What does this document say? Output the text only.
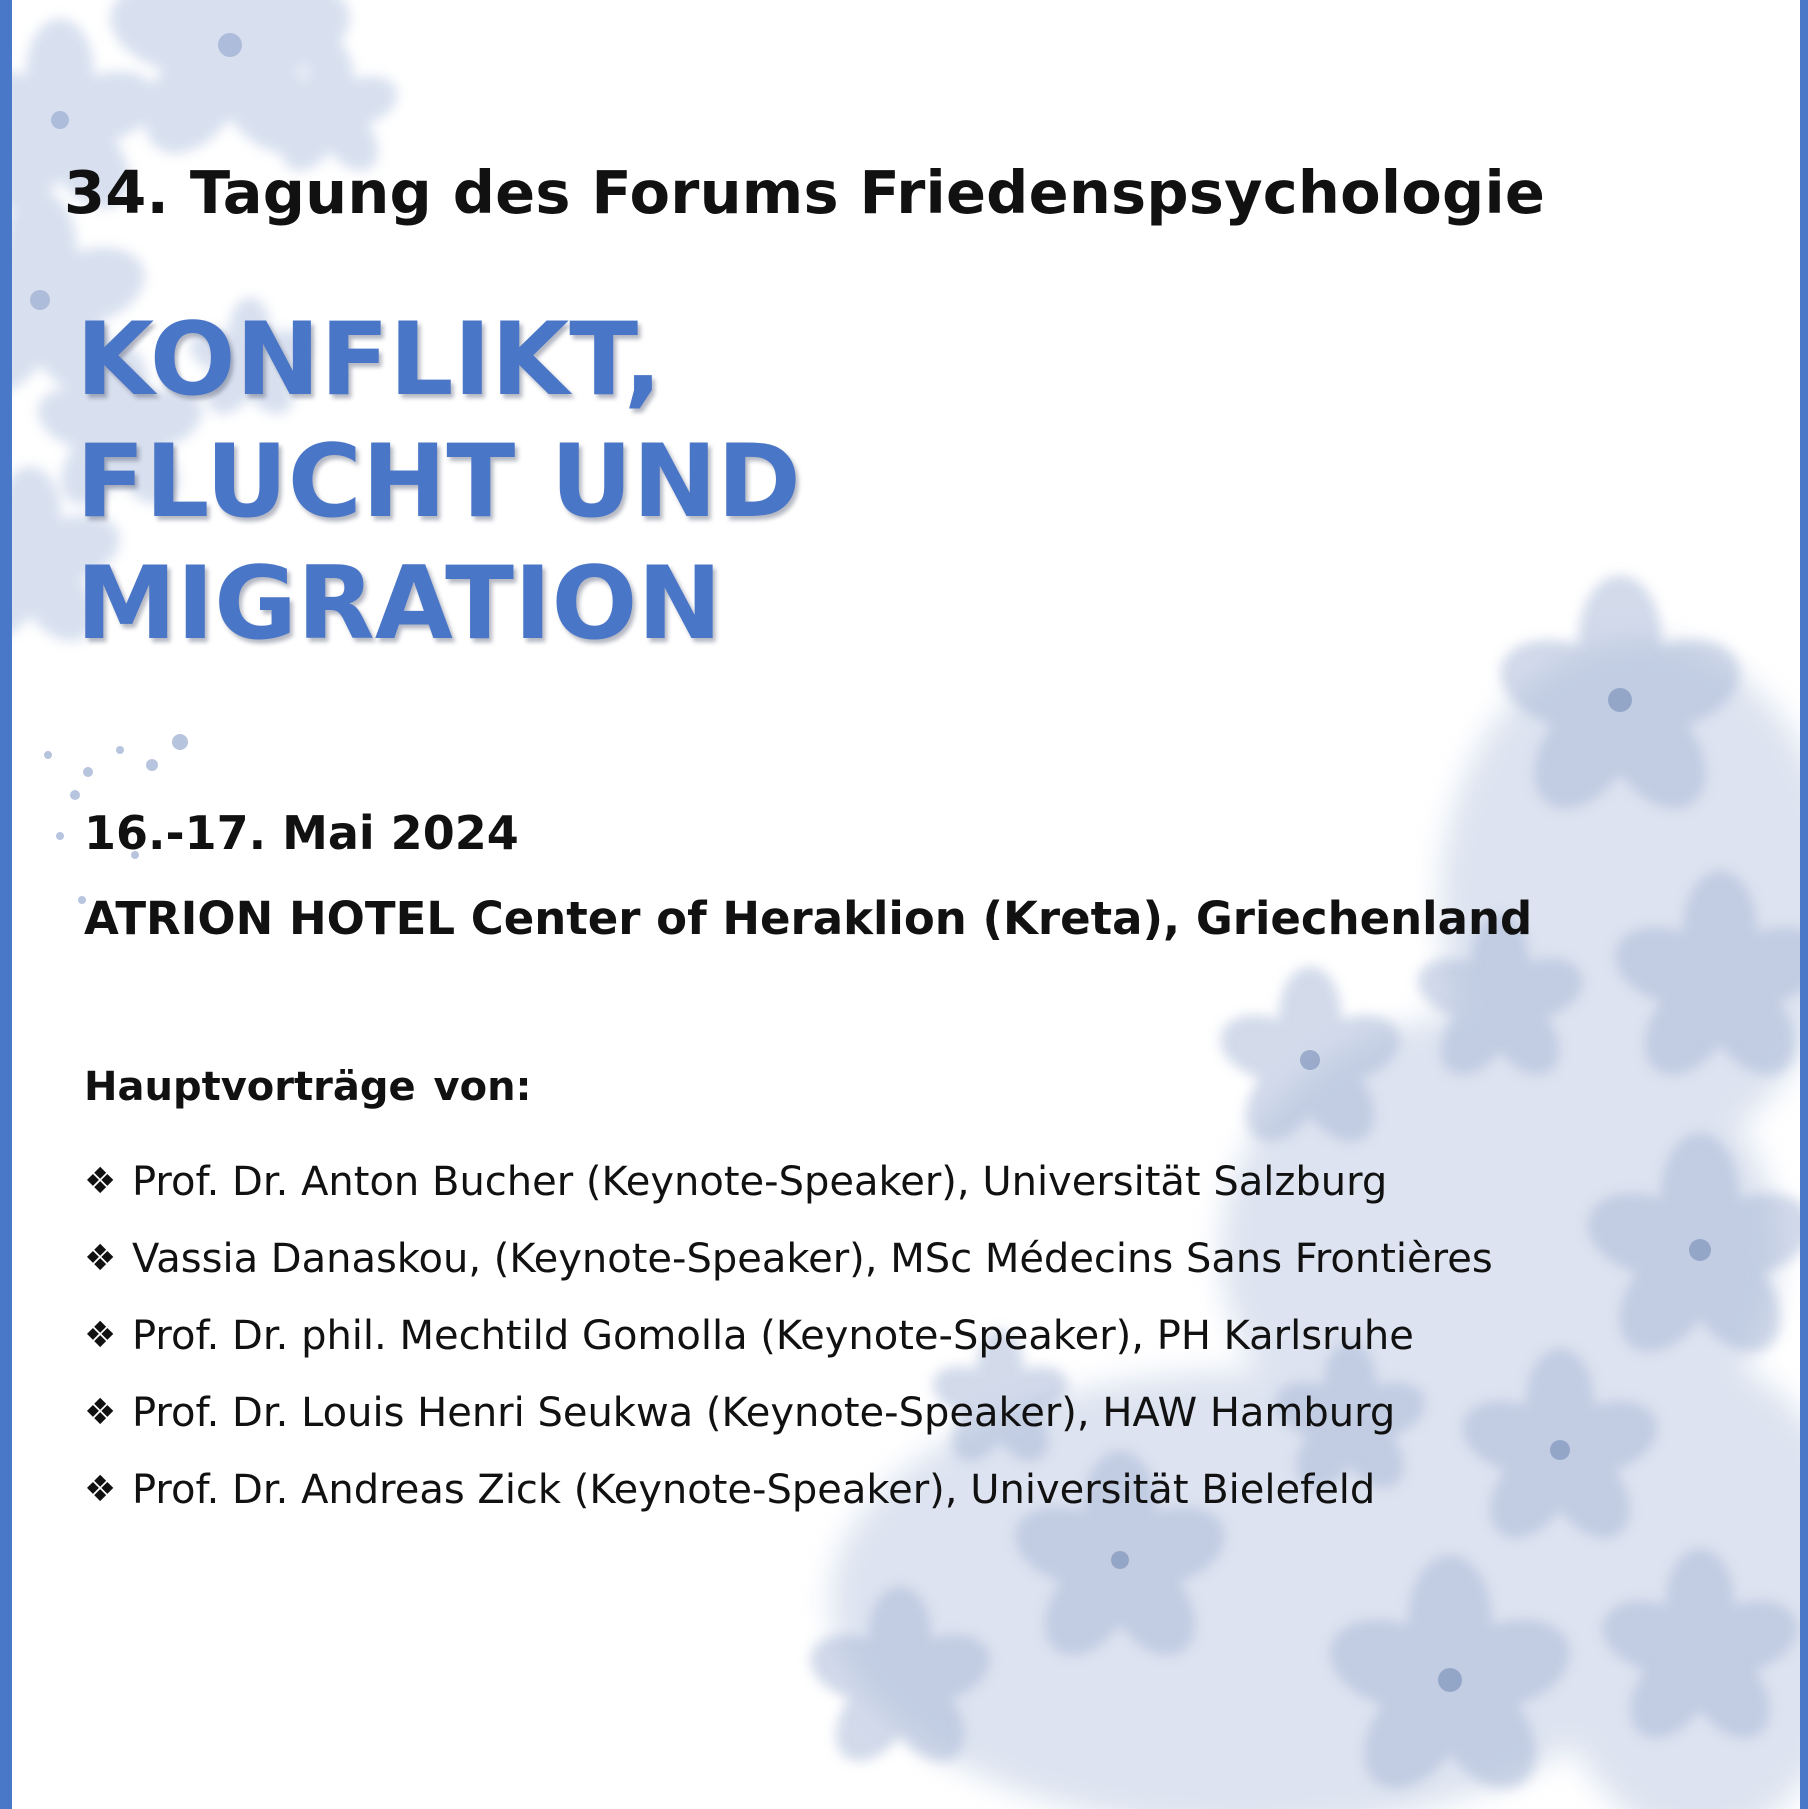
34. Tagung des Forums Friedenspsychologie
KONFLIKT,
FLUCHT UND
MIGRATION

16.-17. Mai 2024

ATRION HOTEL Center of Heraklion (Kreta), Griechenland

Hauptvorträge von:

❖ Prof. Dr. Anton Bucher (Keynote-Speaker), Universität Salzburg
❖ Vassia Danaskou, (Keynote-Speaker), MSc Médecins Sans Frontières
❖ Prof. Dr. phil. Mechtild Gomolla (Keynote-Speaker), PH Karlsruhe
❖ Prof. Dr. Louis Henri Seukwa (Keynote-Speaker), HAW Hamburg
❖ Prof. Dr. Andreas Zick (Keynote-Speaker), Universität Bielefeld
